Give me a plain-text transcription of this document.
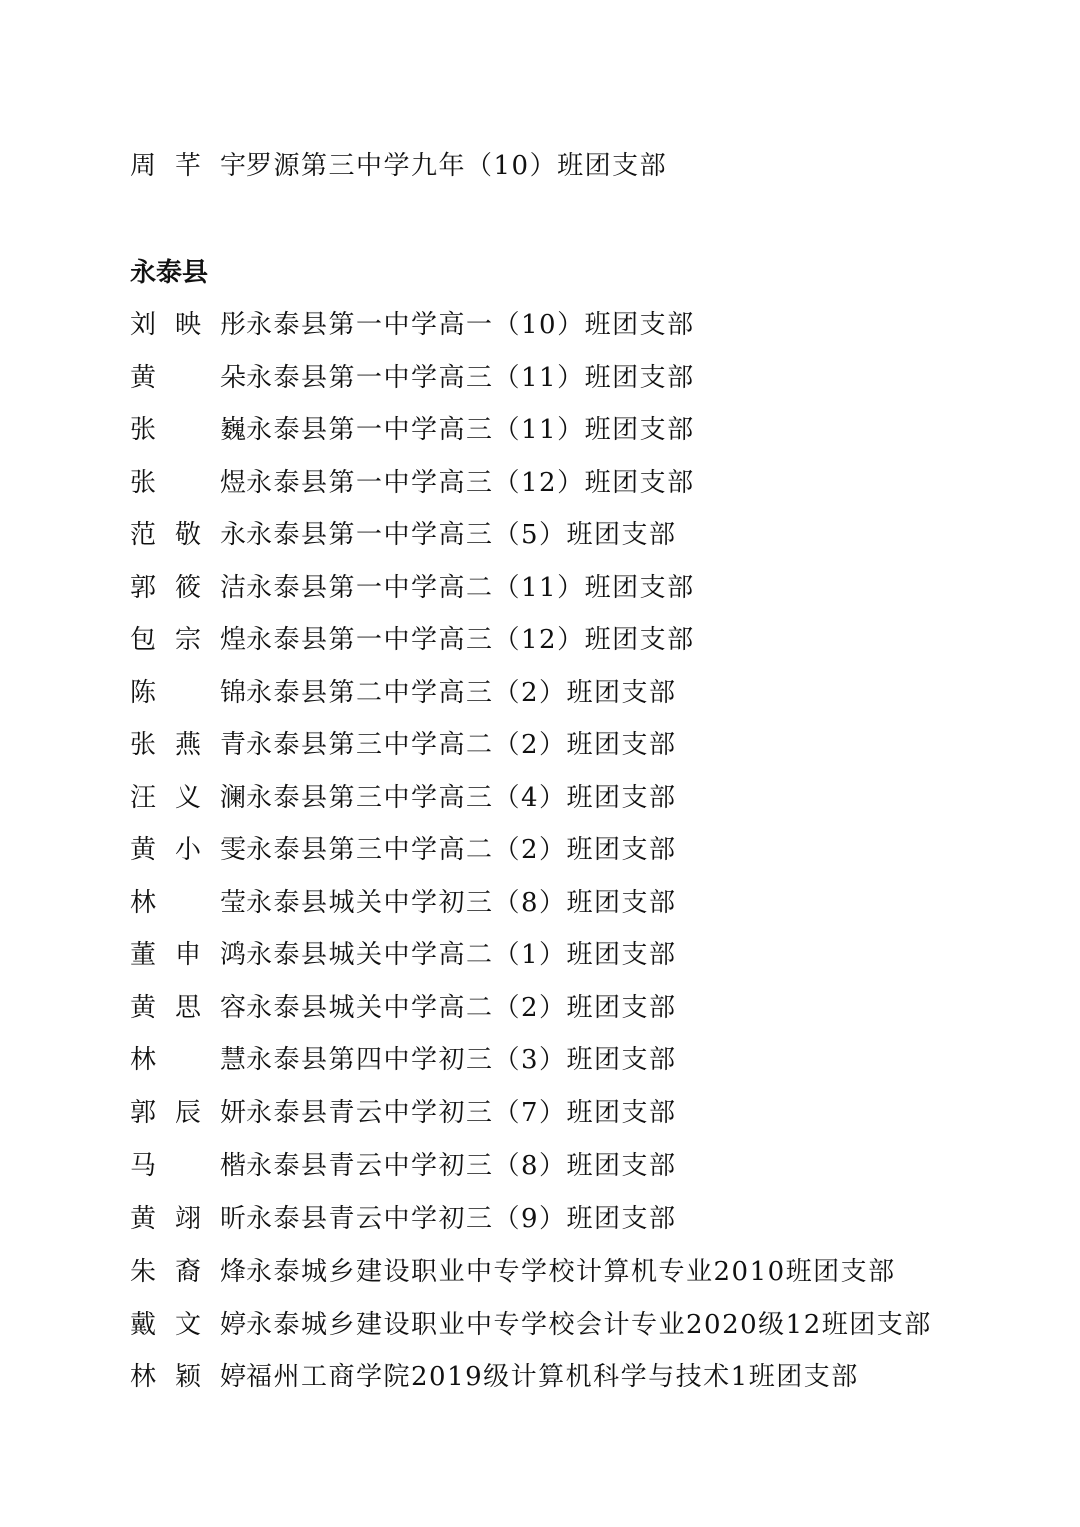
周芊宇 罗源第三中学九年（10）班团支部
永泰县
刘映彤 永泰县第一中学高一（10）班团支部
黄朵 永泰县第一中学高三（11）班团支部
张巍 永泰县第一中学高三（11）班团支部
张煜 永泰县第一中学高三（12）班团支部
范敬永 永泰县第一中学高三（5）班团支部
郭筱洁 永泰县第一中学高二（11）班团支部
包宗煌 永泰县第一中学高三（12）班团支部
陈锦 永泰县第二中学高三（2）班团支部
张燕青 永泰县第三中学高二（2）班团支部
汪义澜 永泰县第三中学高三（4）班团支部
黄小雯 永泰县第三中学高二（2）班团支部
林莹 永泰县城关中学初三（8）班团支部
董申鸿 永泰县城关中学高二（1）班团支部
黄思容 永泰县城关中学高二（2）班团支部
林慧 永泰县第四中学初三（3）班团支部
郭辰妍 永泰县青云中学初三（7）班团支部
马楷 永泰县青云中学初三（8）班团支部
黄翊昕 永泰县青云中学初三（9）班团支部
朱裔烽 永泰城乡建设职业中专学校计算机专业2010班团支部
戴文婷 永泰城乡建设职业中专学校会计专业2020级12班团支部
林颖婷 福州工商学院2019级计算机科学与技术1班团支部
